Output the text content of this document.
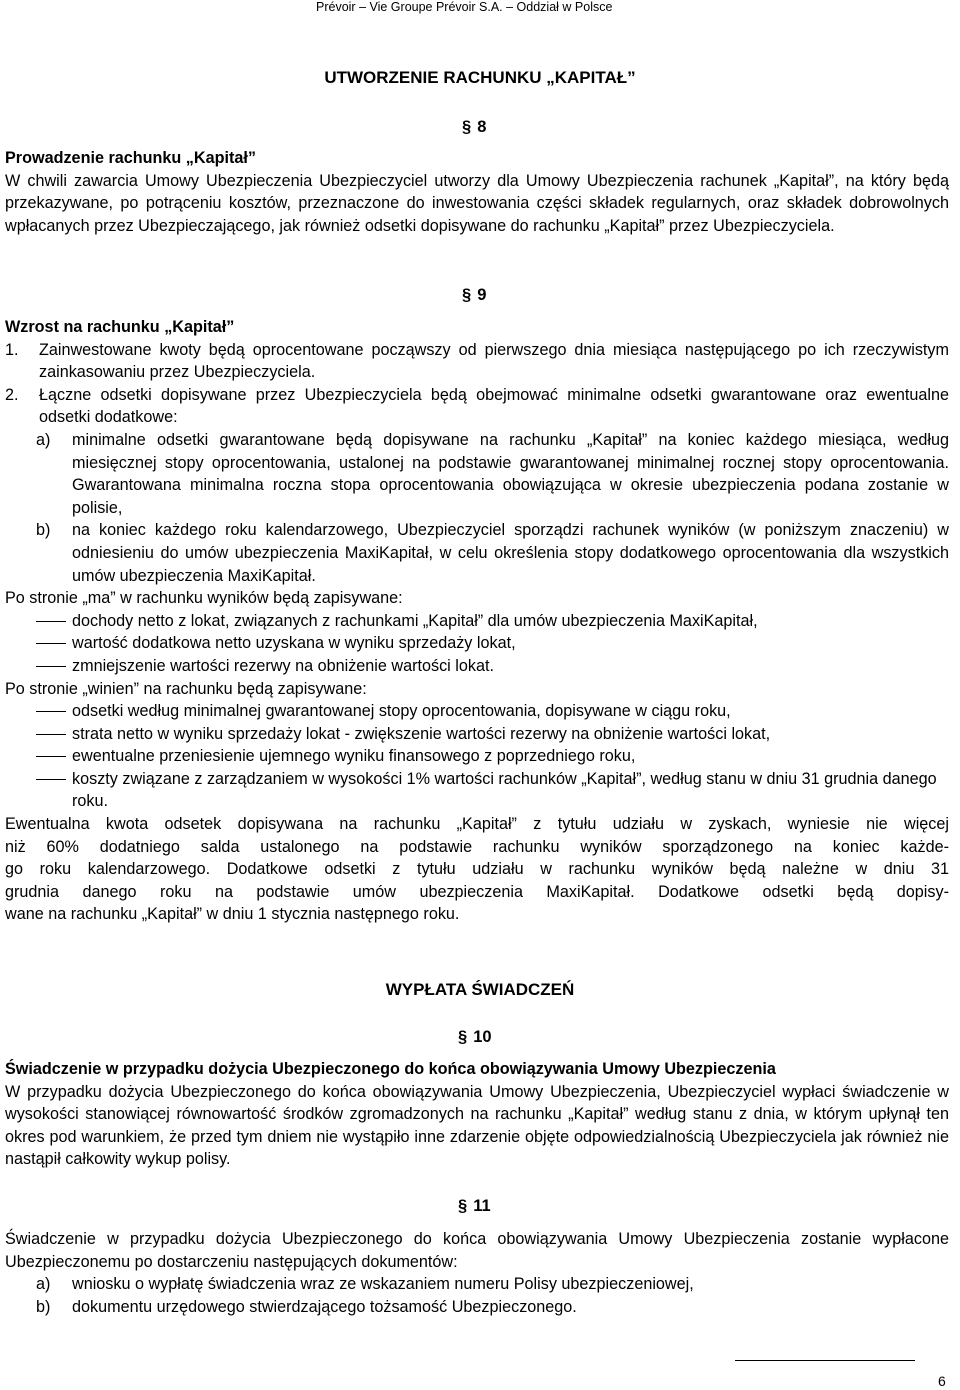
Prévoir – Vie Groupe Prévoir S.A. – Oddział w Polsce
UTWORZENIE RACHUNKU „KAPITAŁ”
§ 8

Prowadzenie rachunku „Kapitał”

W chwili zawarcia Umowy Ubezpieczenia Ubezpieczyciel utworzy dla Umowy Ubezpieczenia rachunek „Kapitał”, na który będą przekazywane, po potrąceniu kosztów, przeznaczone do inwestowania części składek regularnych, oraz składek dobrowolnych wpłacanych przez Ubezpieczającego, jak również odsetki dopisywane do rachunku „Kapitał” przez Ubezpieczyciela.

§ 9

Wzrost na rachunku „Kapitał”

1. Zainwestowane kwoty będą oprocentowane począwszy od pierwszego dnia miesiąca następującego po ich rzeczywistym zainkasowaniu przez Ubezpieczyciela.
2. Łączne odsetki dopisywane przez Ubezpieczyciela będą obejmować minimalne odsetki gwarantowane oraz ewentualne odsetki dodatkowe:
a) minimalne odsetki gwarantowane będą dopisywane na rachunku „Kapitał” na koniec każdego miesiąca, według miesięcznej stopy oprocentowania, ustalonej na podstawie gwarantowanej minimalnej rocznej stopy oprocentowania. Gwarantowana minimalna roczna stopa oprocentowania obowiązująca w okresie ubezpieczenia podana zostanie w polisie,
b) na koniec każdego roku kalendarzowego, Ubezpieczyciel sporządzi rachunek wyników (w poniższym znaczeniu) w odniesieniu do umów ubezpieczenia MaxiKapitał, w celu określenia stopy dodatkowego oprocentowania dla wszystkich umów ubezpieczenia MaxiKapitał.

Po stronie „ma” w rachunku wyników będą zapisywane:

dochody netto z lokat, związanych z rachunkami „Kapitał” dla umów ubezpieczenia MaxiKapitał,
wartość dodatkowa netto uzyskana w wyniku sprzedaży lokat,
zmniejszenie wartości rezerwy na obniżenie wartości lokat.

Po stronie „winien” na rachunku będą zapisywane:

odsetki według minimalnej gwarantowanej stopy oprocentowania, dopisywane w ciągu roku,
strata netto w wyniku sprzedaży lokat - zwiększenie wartości rezerwy na obniżenie wartości lokat,
ewentualne przeniesienie ujemnego wyniku finansowego z poprzedniego roku,
koszty związane z zarządzaniem w wysokości 1% wartości rachunków „Kapitał”, według stanu w dniu 31 grudnia danego roku.

Ewentualna kwota odsetek dopisywana na rachunku „Kapitał” z tytułu udziału w zyskach, wyniesie nie więcej

niż 60% dodatniego salda ustalonego na podstawie rachunku wyników sporządzonego na koniec każde-

go roku kalendarzowego. Dodatkowe odsetki z tytułu udziału w rachunku wyników będą należne w dniu 31

grudnia danego roku na podstawie umów ubezpieczenia MaxiKapitał. Dodatkowe odsetki będą dopisy-

wane na rachunku „Kapitał” w dniu 1 stycznia następnego roku.

WYPŁATA ŚWIADCZEŃ
§ 10

Świadczenie w przypadku dożycia Ubezpieczonego do końca obowiązywania Umowy Ubezpieczenia

W przypadku dożycia Ubezpieczonego do końca obowiązywania Umowy Ubezpieczenia, Ubezpieczyciel wypłaci świadczenie w wysokości stanowiącej równowartość środków zgromadzonych na rachunku „Kapitał” według stanu z dnia, w którym upłynął ten okres pod warunkiem, że przed tym dniem nie wystąpiło inne zdarzenie objęte odpowiedzialnością Ubezpieczyciela jak również nie nastąpił całkowity wykup polisy.

§ 11

Świadczenie w przypadku dożycia Ubezpieczonego do końca obowiązywania Umowy Ubezpieczenia zostanie wypłacone Ubezpieczonemu po dostarczeniu następujących dokumentów:

a) wniosku o wypłatę świadczenia wraz ze wskazaniem numeru Polisy ubezpieczeniowej,
b) dokumentu urzędowego stwierdzającego tożsamość Ubezpieczonego.
6
